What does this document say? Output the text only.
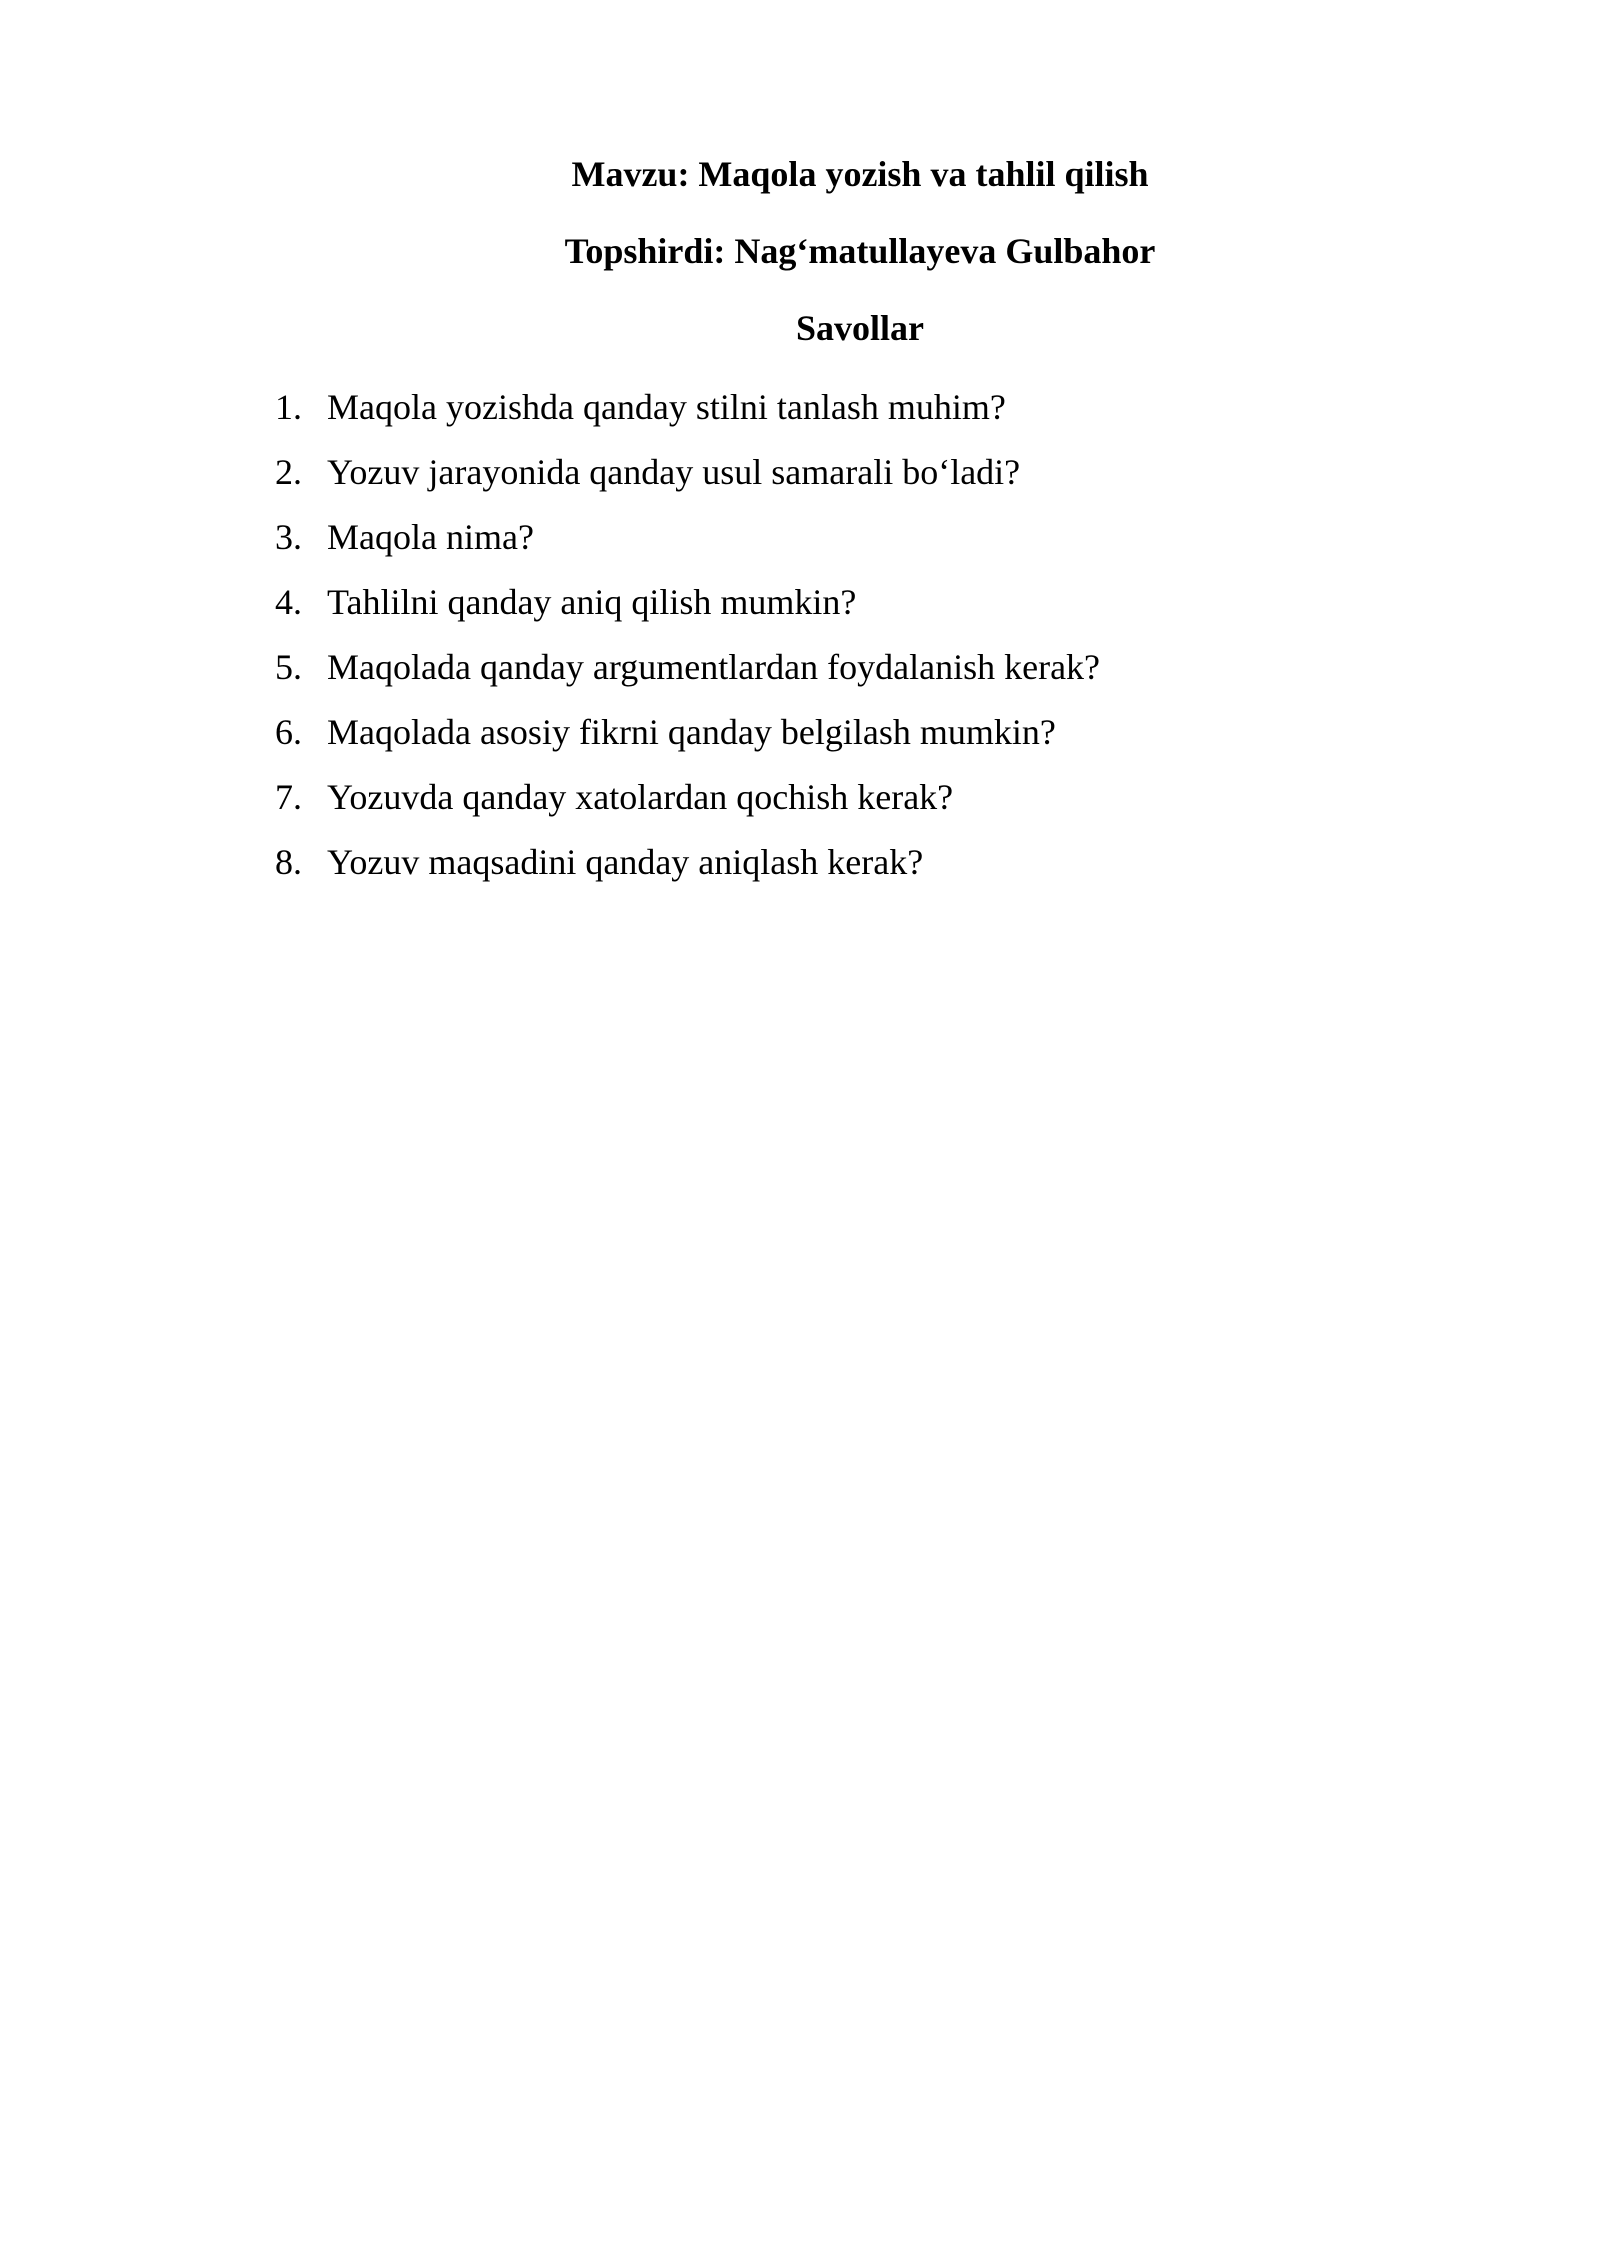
Mavzu: Maqola yozish va tahlil qilish
Topshirdi: Nag‘matullayeva Gulbahor
Savollar
1. Maqola yozishda qanday stilni tanlash muhim?
2. Yozuv jarayonida qanday usul samarali bo‘ladi?
3. Maqola nima?
4. Tahlilni qanday aniq qilish mumkin?
5. Maqolada qanday argumentlardan foydalanish kerak?
6. Maqolada asosiy fikrni qanday belgilash mumkin?
7. Yozuvda qanday xatolardan qochish kerak?
8. Yozuv maqsadini qanday aniqlash kerak?
